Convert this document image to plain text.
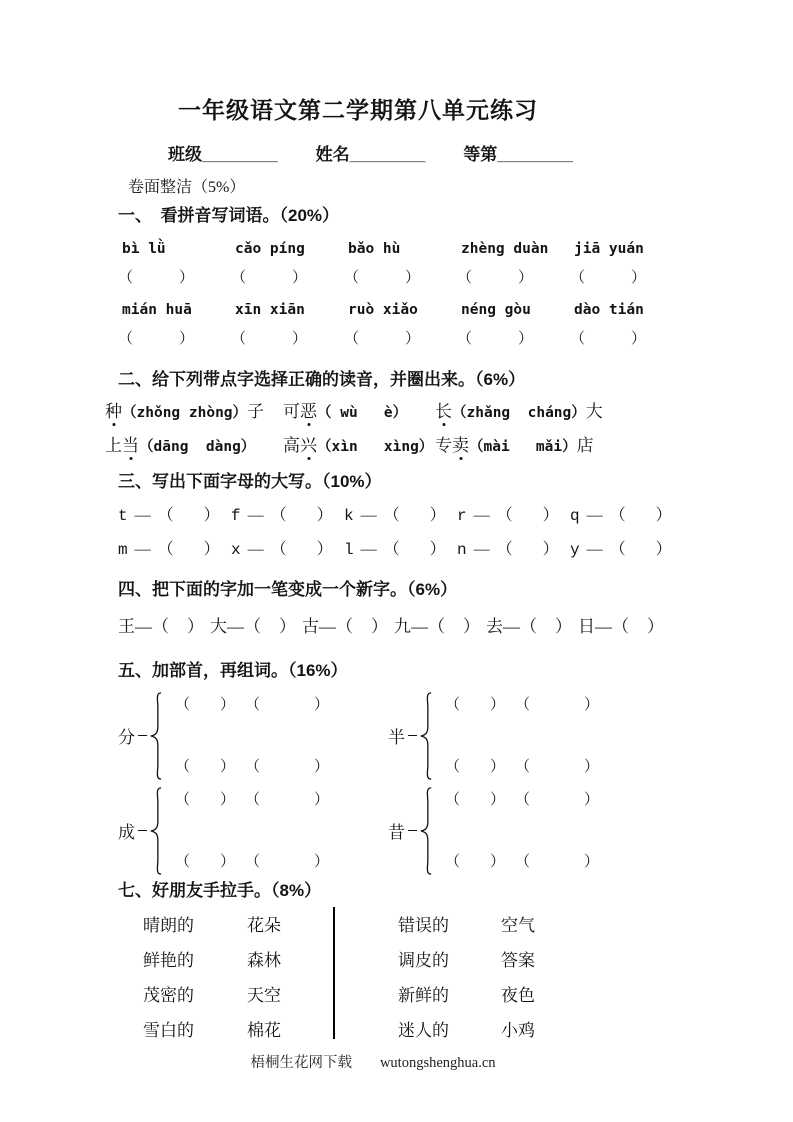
一年级语文第二学期第八单元练习
班级________ 姓名________ 等第________
卷面整洁（5%）
一、　看拼音写词语。（20%）
bì lǜ	cǎo píng	bǎo hù	zhèng duàn	jiā yuán
（	）	（	）	（	）	（	）	（	）
mián huā	xīn xiān	ruò xiǎo	néng gòu	dào tián
（	）	（	）	（	）	（	）	（	）
二、给下列带点字选择正确的读音，并圈出来。（6%）
种（zhǒng zhòng）子	可恶（ wù   è）	长（zhǎng  cháng）大
上当（dāng  dàng）	高兴（xìn   xìng） 专卖（mài   mǎi）店
三、写出下面字母的大写。（10%）
t — （ ） f — （ ） k — （ ） r — （ ） q — （ ）
m — （ ） x — （ ） l — （ ） n — （ ） y — （ ）
四、把下面的字加一笔变成一个新字。（6%）
王—（ ） 大—（ ） 古—（ ） 九—（ ） 去—（ ） 日—（ ）
五、加部首，再组词。（16%）
分
（ ） （	）
（ ） （	）
半
（ ） （	）
（ ） （	）
成
（ ） （	）
（ ） （	）
昔
（ ） （	）
（ ） （	）
七、好朋友手拉手。（8%）
晴朗的	花朵
鲜艳的	森林
茂密的	天空
雪白的	棉花
错误的	空气
调皮的	答案
新鲜的	夜色
迷人的	小鸡
梧桐生花网下载 wutongshenghua.cn
